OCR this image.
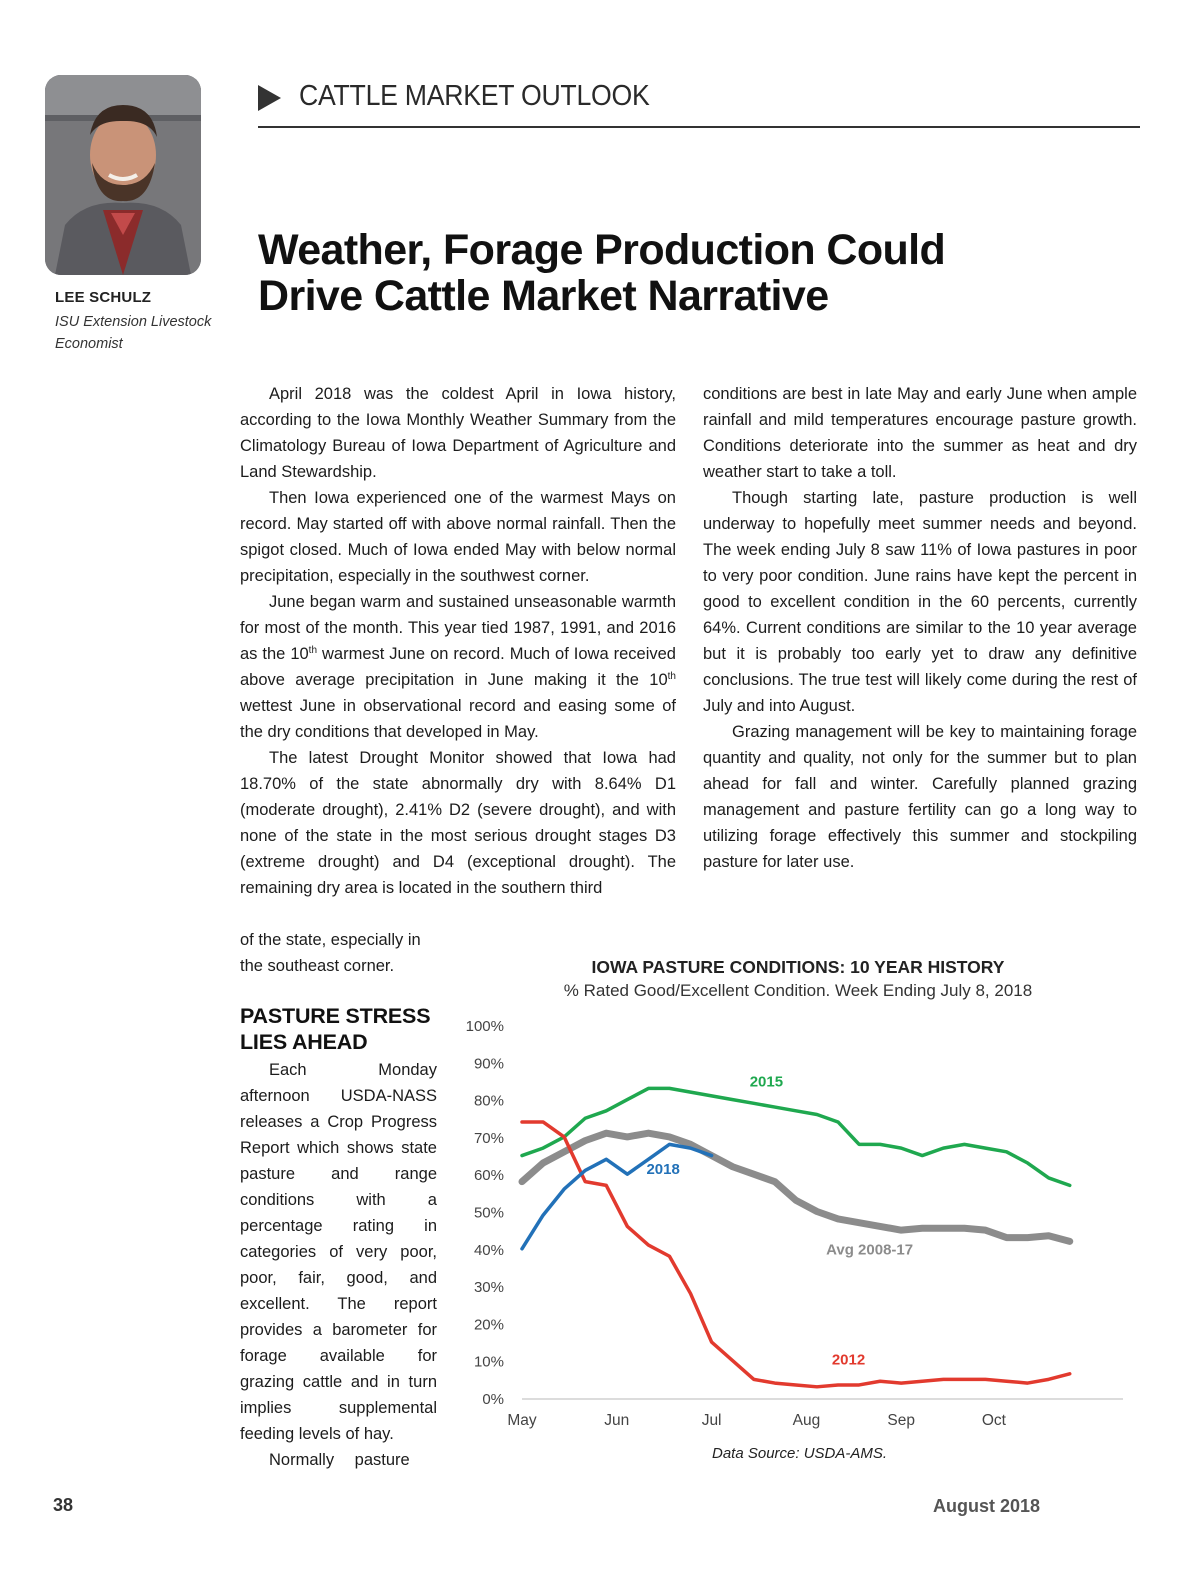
LEE SCHULZ
ISU Extension Livestock
Economist
CATTLE MARKET OUTLOOK
Weather, Forage Production Could
Drive Cattle Market Narrative

April 2018 was the coldest April in Iowa history, according to the Iowa Monthly Weather Summary from the Climatology Bureau of Iowa Department of Agriculture and Land Stewardship.

Then Iowa experienced one of the warmest Mays on record. May started off with above normal rainfall. Then the spigot closed. Much of Iowa ended May with below normal precipitation, especially in the southwest corner.

June began warm and sustained unseasonable warmth for most of the month. This year tied 1987, 1991, and 2016 as the 10th warmest June on record. Much of Iowa received above average precipitation in June making it the 10th wettest June in observational record and easing some of the dry conditions that developed in May.

The latest Drought Monitor showed that Iowa had 18.70% of the state abnormally dry with 8.64% D1 (moderate drought), 2.41% D2 (severe drought), and with none of the state in the most serious drought stages D3 (extreme drought) and D4 (exceptional drought). The remaining dry area is located in the southern third

of the state, especially in
the southeast corner.
PASTURE STRESS
LIES AHEAD

Each Monday afternoon USDA-NASS releases a Crop Progress Report which shows state pasture and range conditions with a percentage rating in categories of very poor, poor, fair, good, and excellent. The report provides a barometer for forage available for grazing cattle and in turn implies supplemental feeding levels of hay.

Normally pasture

conditions are best in late May and early June when ample rainfall and mild temperatures encourage pasture growth. Conditions deteriorate into the summer as heat and dry weather start to take a toll.

Though starting late, pasture production is well underway to hopefully meet summer needs and beyond. The week ending July 8 saw 11% of Iowa pastures in poor to very poor condition. June rains have kept the percent in good to excellent condition in the 60 percents, currently 64%. Current conditions are similar to the 10 year average but it is probably too early yet to draw any definitive conclusions. The true test will likely come during the rest of July and into August.

Grazing management will be key to maintaining forage quantity and quality, not only for the summer but to plan ahead for fall and winter. Carefully planned grazing management and pasture fertility can go a long way to utilizing forage effectively this summer and stockpiling pasture for later use.

IOWA PASTURE CONDITIONS: 10 YEAR HISTORY
% Rated Good/Excellent Condition. Week Ending July 8, 2018
0%
10%
20%
30%
40%
50%
60%
70%
80%
90%
100%
May	Jun	Jul	Aug	Sep	Oct
2015
2018
Avg 2008-17
2012
Data Source: USDA-AMS.
38	August 2018
